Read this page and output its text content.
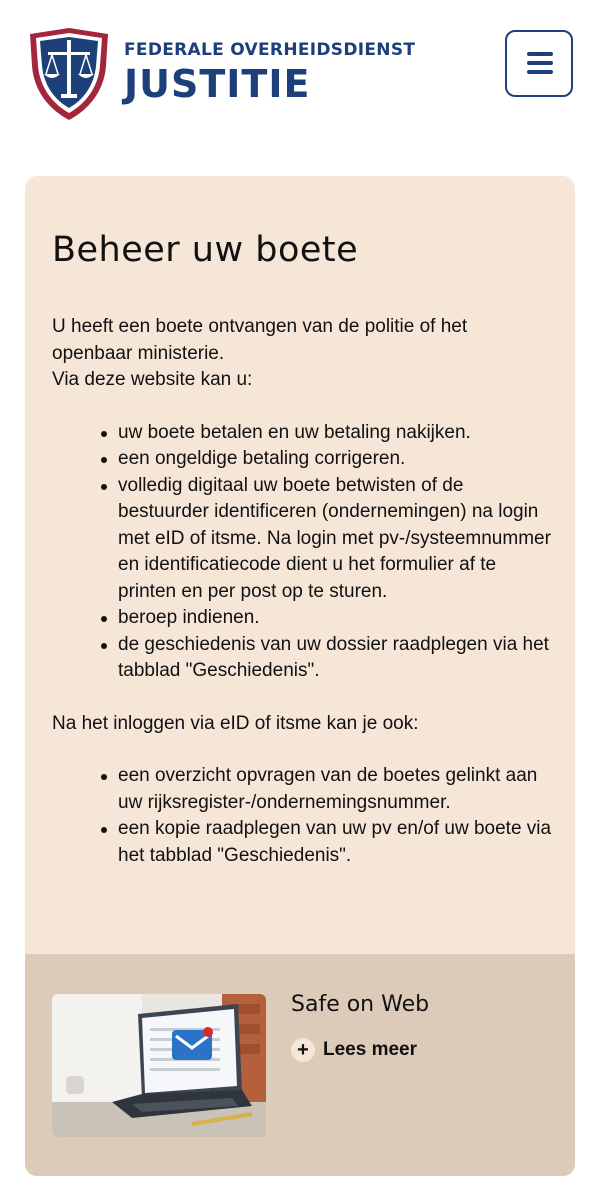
FEDERALE OVERHEIDSDIENST
JUSTITIE
Beheer uw boete

U heeft een boete ontvangen van de politie of het openbaar ministerie.

Via deze website kan u:

uw boete betalen en uw betaling nakijken.
een ongeldige betaling corrigeren.
volledig digitaal uw boete betwisten of de bestuurder identificeren (ondernemingen) na login met eID of itsme. Na login met pv-/systeemnummer en identificatiecode dient u het formulier af te printen en per post op te sturen.
beroep indienen.
de geschiedenis van uw dossier raadplegen via het tabblad "Geschiedenis".

Na het inloggen via eID of itsme kan je ook:

een overzicht opvragen van de boetes gelinkt aan uw rijksregister-/ondernemingsnummer.
een kopie raadplegen van uw pv en/of uw boete via het tabblad "Geschiedenis".
Safe on Web
+ Lees meer
